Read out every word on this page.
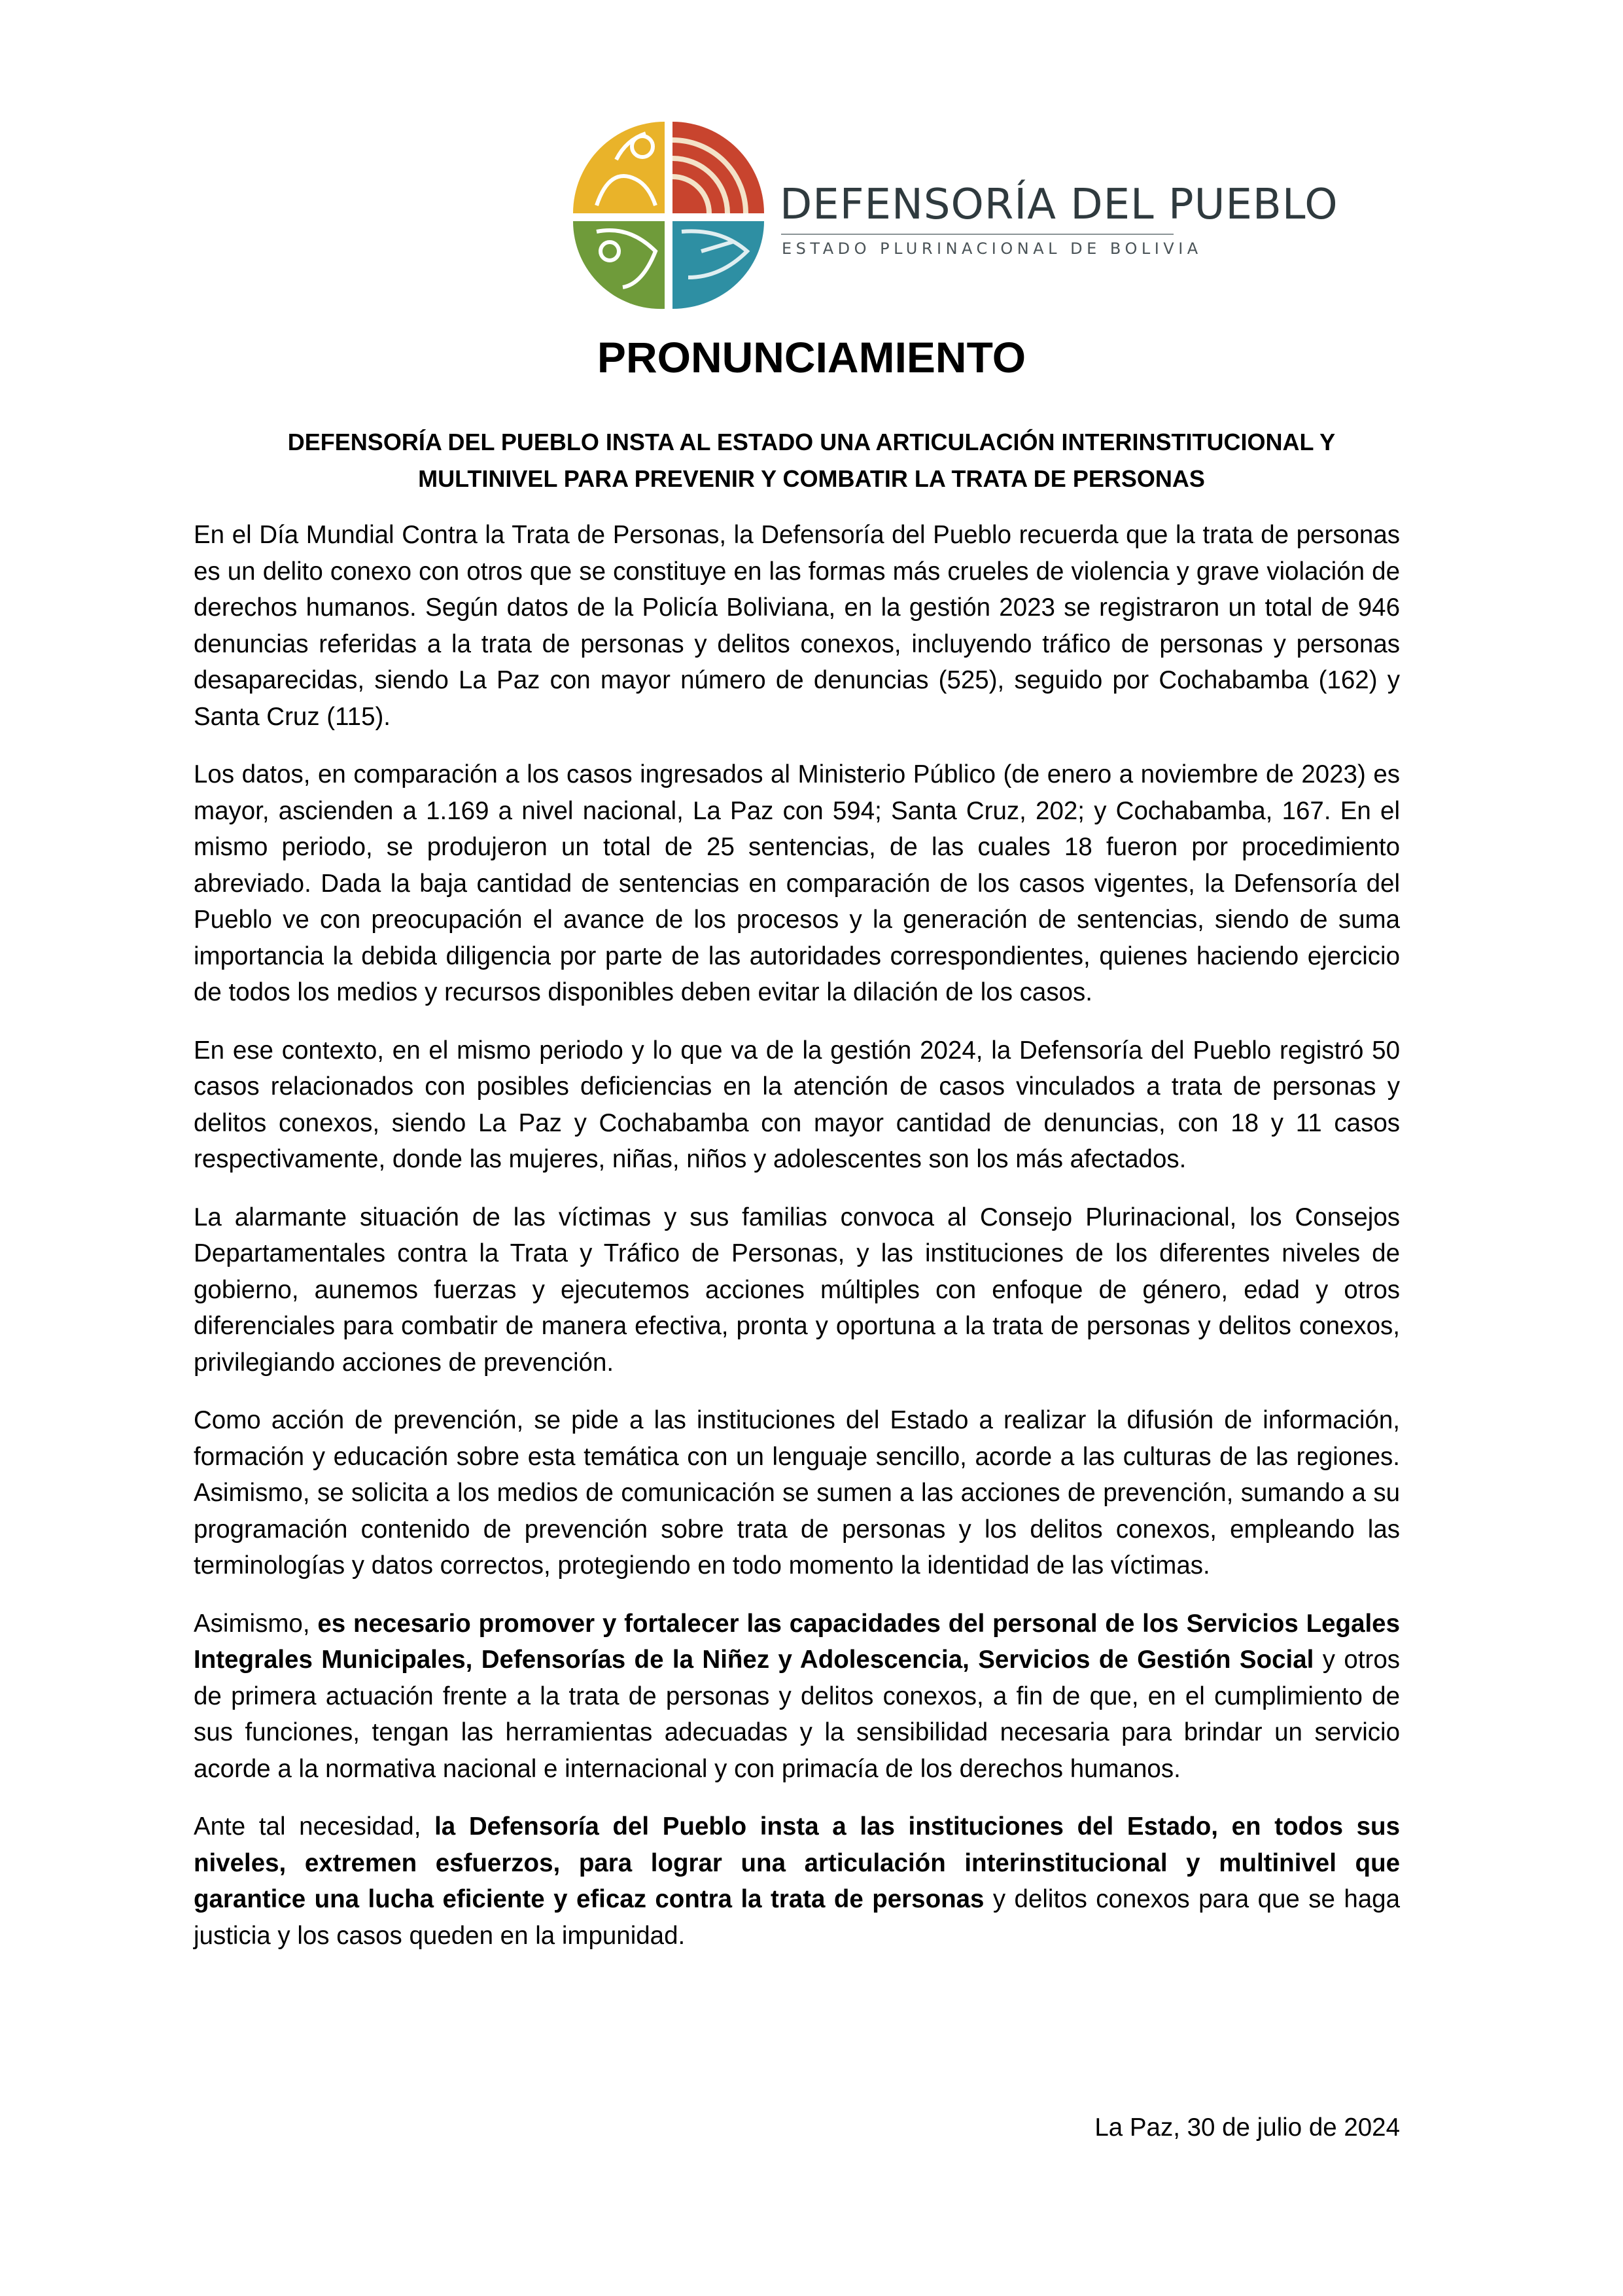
DEFENSORÍA DEL PUEBLO
ESTADO PLURINACIONAL DE BOLIVIA
PRONUNCIAMIENTO
DEFENSORÍA DEL PUEBLO INSTA AL ESTADO UNA ARTICULACIÓN INTERINSTITUCIONAL Y MULTINIVEL PARA PREVENIR Y COMBATIR LA TRATA DE PERSONAS

En el Día Mundial Contra la Trata de Personas, la Defensoría del Pueblo recuerda que la trata de personas es un delito conexo con otros que se constituye en las formas más crueles de violencia y grave violación de derechos humanos. Según datos de la Policía Boliviana, en la gestión 2023 se registraron un total de 946 denuncias referidas a la trata de personas y delitos conexos, incluyendo tráfico de personas y personas desaparecidas, siendo La Paz con mayor número de denuncias (525), seguido por Cochabamba (162) y Santa Cruz (115).

Los datos, en comparación a los casos ingresados al Ministerio Público (de enero a noviembre de 2023) es mayor, ascienden a 1.169 a nivel nacional, La Paz con 594; Santa Cruz, 202; y Cochabamba, 167. En el mismo periodo, se produjeron un total de 25 sentencias, de las cuales 18 fueron por procedimiento abreviado. Dada la baja cantidad de sentencias en comparación de los casos vigentes, la Defensoría del Pueblo ve con preocupación el avance de los procesos y la generación de sentencias, siendo de suma importancia la debida diligencia por parte de las autoridades correspondientes, quienes haciendo ejercicio de todos los medios y recursos disponibles deben evitar la dilación de los casos.

En ese contexto, en el mismo periodo y lo que va de la gestión 2024, la Defensoría del Pueblo registró 50 casos relacionados con posibles deficiencias en la atención de casos vinculados a trata de personas y delitos conexos, siendo La Paz y Cochabamba con mayor cantidad de denuncias, con 18 y 11 casos respectivamente, donde las mujeres, niñas, niños y adolescentes son los más afectados.

La alarmante situación de las víctimas y sus familias convoca al Consejo Plurinacional, los Consejos Departamentales contra la Trata y Tráfico de Personas, y las instituciones de los diferentes niveles de gobierno, aunemos fuerzas y ejecutemos acciones múltiples con enfoque de género, edad y otros diferenciales para combatir de manera efectiva, pronta y oportuna a la trata de personas y delitos conexos, privilegiando acciones de prevención.

Como acción de prevención, se pide a las instituciones del Estado a realizar la difusión de información, formación y educación sobre esta temática con un lenguaje sencillo, acorde a las culturas de las regiones. Asimismo, se solicita a los medios de comunicación se sumen a las acciones de prevención, sumando a su programación contenido de prevención sobre trata de personas y los delitos conexos, empleando las terminologías y datos correctos, protegiendo en todo momento la identidad de las víctimas.

Asimismo, es necesario promover y fortalecer las capacidades del personal de los Servicios Legales Integrales Municipales, Defensorías de la Niñez y Adolescencia, Servicios de Gestión Social y otros de primera actuación frente a la trata de personas y delitos conexos, a fin de que, en el cumplimiento de sus funciones, tengan las herramientas adecuadas y la sensibilidad necesaria para brindar un servicio acorde a la normativa nacional e internacional y con primacía de los derechos humanos.

Ante tal necesidad, la Defensoría del Pueblo insta a las instituciones del Estado, en todos sus niveles, extremen esfuerzos, para lograr una articulación interinstitucional y multinivel que garantice una lucha eficiente y eficaz contra la trata de personas y delitos conexos para que se haga justicia y los casos queden en la impunidad.

La Paz, 30 de julio de 2024
